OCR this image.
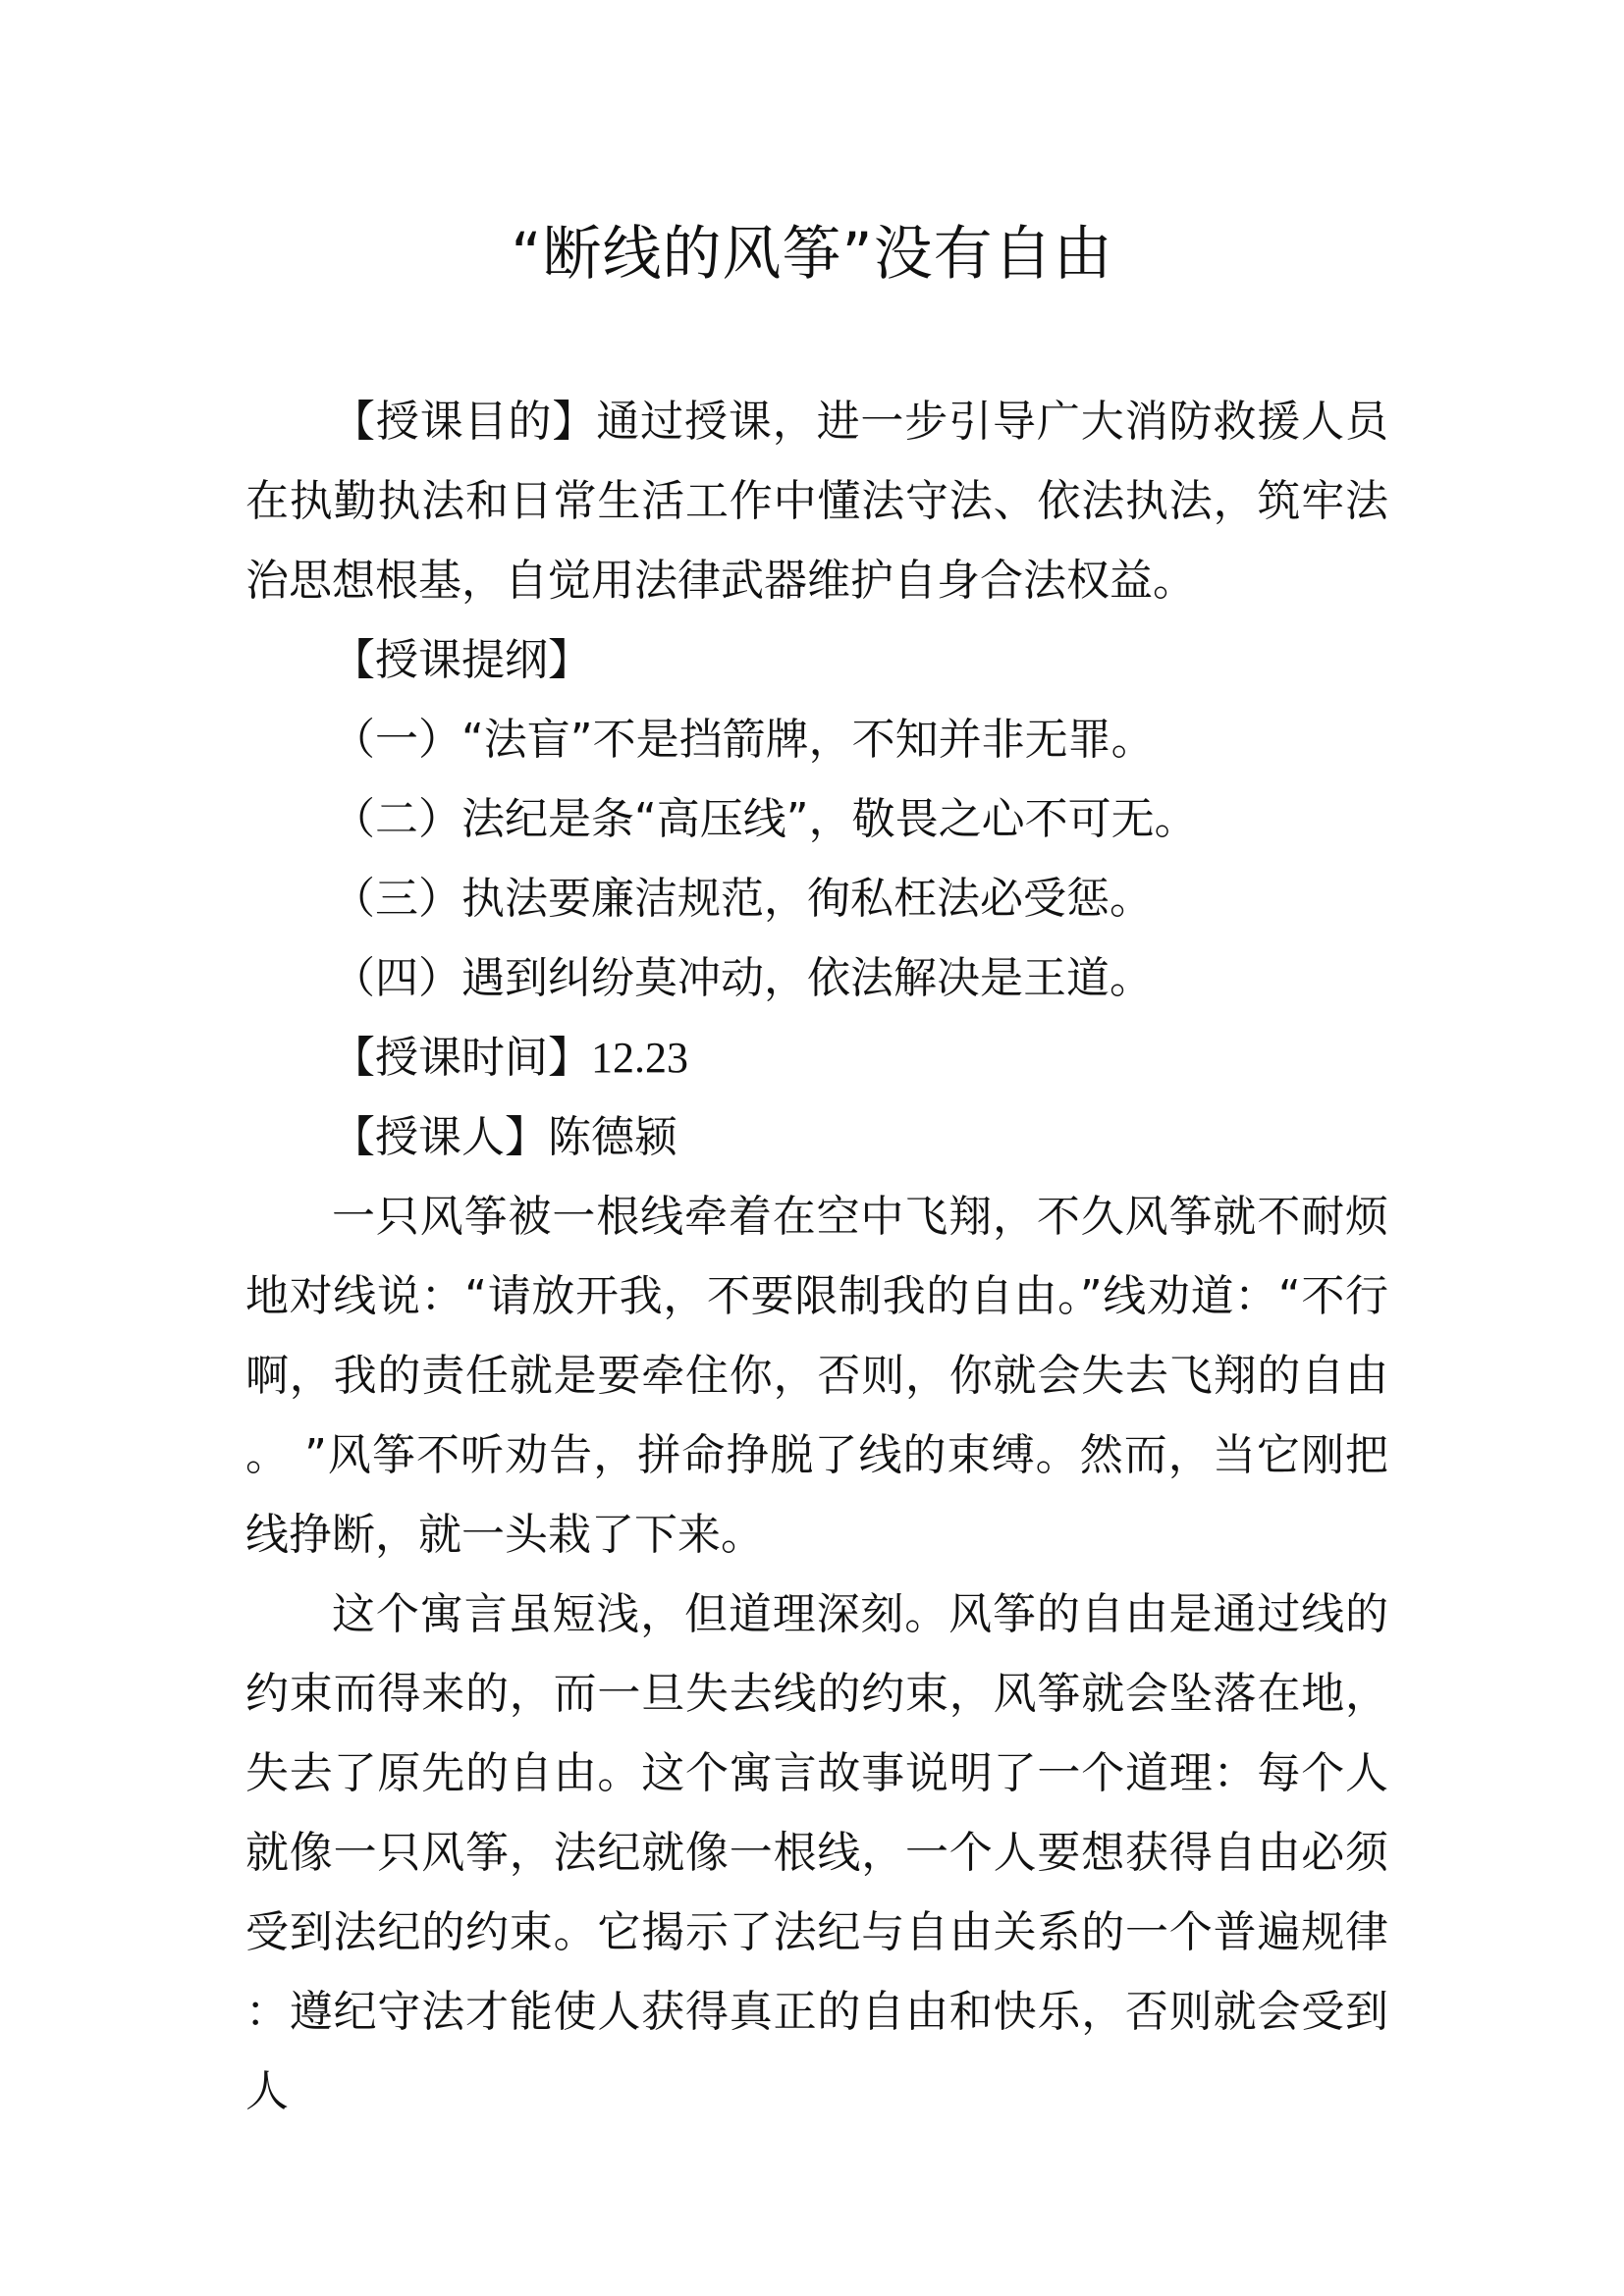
“断线的风筝”没有自由

【授课目的】通过授课，进一步引导广大消防救援人员在执勤执法和日常生活工作中懂法守法、依法执法，筑牢法治思想根基，自觉用法律武器维护自身合法权益。

【授课提纲】

（一）“法盲”不是挡箭牌，不知并非无罪。

（二）法纪是条“高压线”，敬畏之心不可无。

（三）执法要廉洁规范，徇私枉法必受惩。

（四）遇到纠纷莫冲动，依法解决是王道。

【授课时间】12.23

【授课人】陈德颍

一只风筝被一根线牵着在空中飞翔，不久风筝就不耐烦地对线说：“请放开我，不要限制我的自由。”线劝道：“不行啊，我的责任就是要牵住你，否则，你就会失去飞翔的自由。 ”风筝不听劝告，拼命挣脱了线的束缚。然而，当它刚把线挣断，就一头栽了下来。

这个寓言虽短浅，但道理深刻。风筝的自由是通过线的约束而得来的，而一旦失去线的约束，风筝就会坠落在地，失去了原先的自由。这个寓言故事说明了一个道理：每个人就像一只风筝，法纪就像一根线，一个人要想获得自由必须受到法纪的约束。它揭示了法纪与自由关系的一个普遍规律：遵纪守法才能使人获得真正的自由和快乐，否则就会受到人
